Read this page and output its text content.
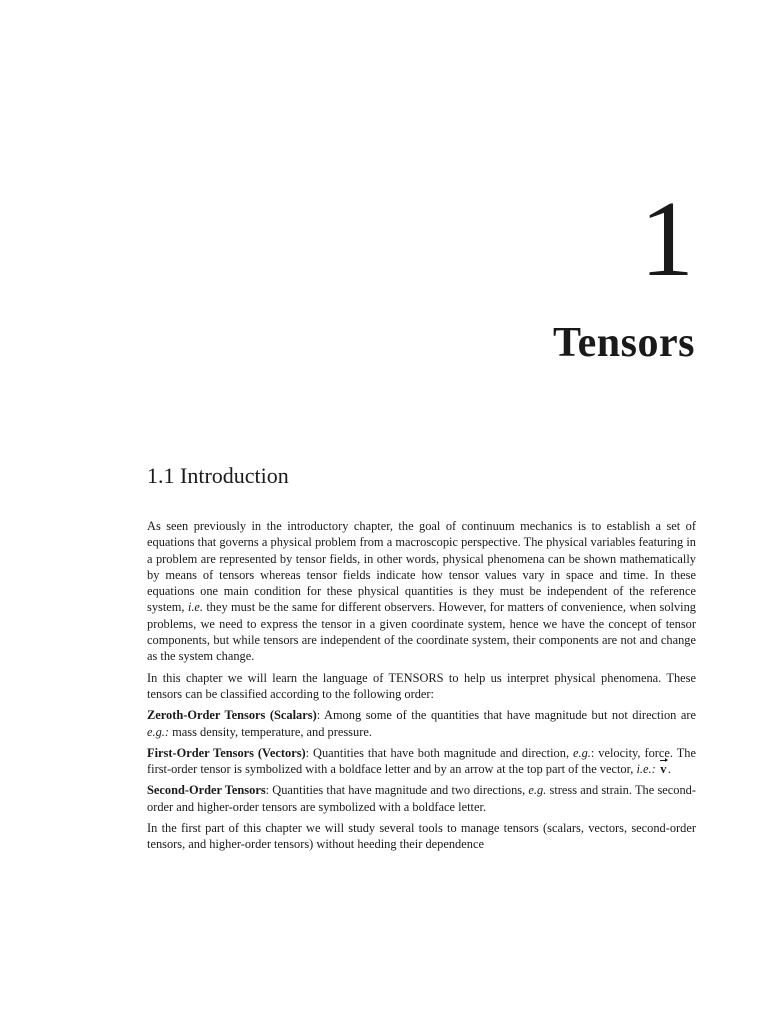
1
Tensors
1.1 Introduction

As seen previously in the introductory chapter, the goal of continuum mechanics is to establish a set of equations that governs a physical problem from a macroscopic perspective. The physical variables featuring in a problem are represented by tensor fields, in other words, physical phenomena can be shown mathematically by means of tensors whereas tensor fields indicate how tensor values vary in space and time. In these equations one main condition for these physical quantities is they must be independent of the reference system, i.e. they must be the same for different observers. However, for matters of convenience, when solving problems, we need to express the tensor in a given coordinate system, hence we have the concept of tensor components, but while tensors are independent of the coordinate system, their components are not and change as the system change.

In this chapter we will learn the language of TENSORS to help us interpret physical phenomena. These tensors can be classified according to the following order:

Zeroth-Order Tensors (Scalars): Among some of the quantities that have magnitude but not direction are e.g.: mass density, temperature, and pressure.

First-Order Tensors (Vectors): Quantities that have both magnitude and direction, e.g.: velocity, force. The first-order tensor is symbolized with a boldface letter and by an arrow at the top part of the vector, i.e.: v.

Second-Order Tensors: Quantities that have magnitude and two directions, e.g. stress and strain. The second-order and higher-order tensors are symbolized with a boldface letter.

In the first part of this chapter we will study several tools to manage tensors (scalars, vectors, second-order tensors, and higher-order tensors) without heeding their dependence
